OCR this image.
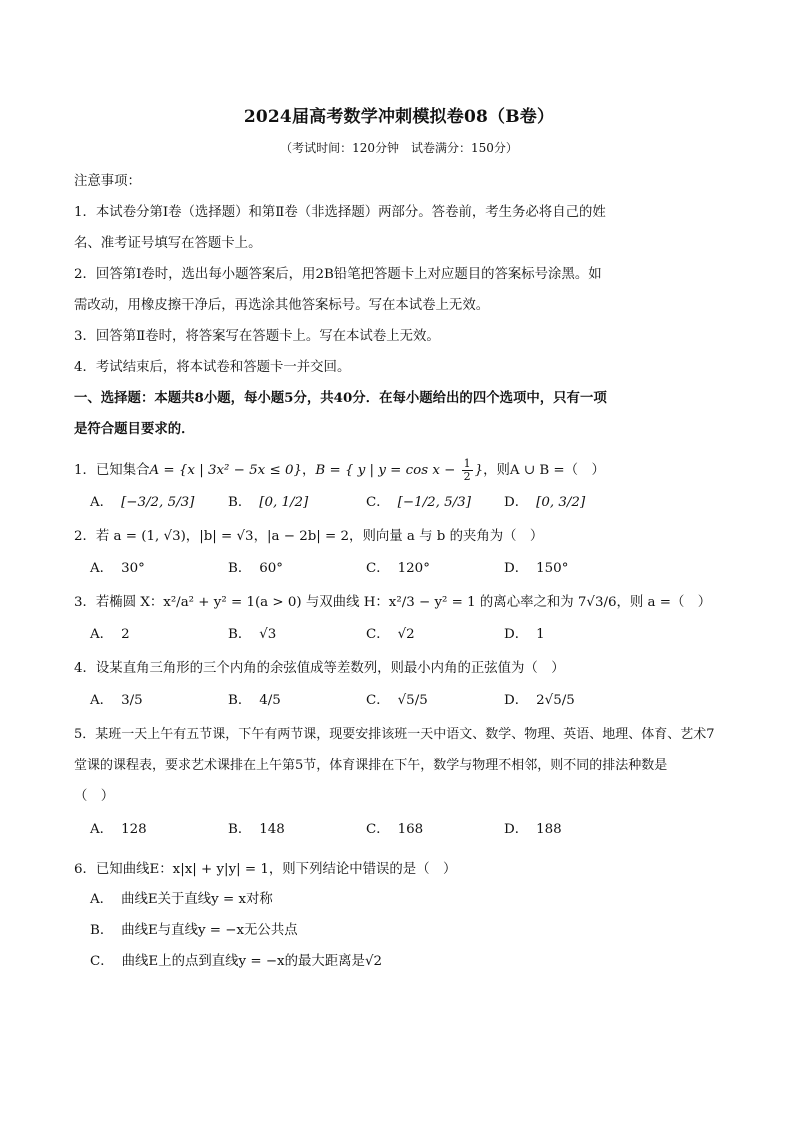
2024届高考数学冲刺模拟卷08（B卷）
（考试时间：120分钟　试卷满分：150分）

注意事项：

1．本试卷分第Ⅰ卷（选择题）和第Ⅱ卷（非选择题）两部分。答卷前，考生务必将自己的姓

名、准考证号填写在答题卡上。

2．回答第Ⅰ卷时，选出每小题答案后，用2B铅笔把答题卡上对应题目的答案标号涂黑。如

需改动，用橡皮擦干净后，再选涂其他答案标号。写在本试卷上无效。

3．回答第Ⅱ卷时，将答案写在答题卡上。写在本试卷上无效。

4．考试结束后，将本试卷和答题卡一并交回。

一、选择题：本题共8小题，每小题5分，共40分．在每小题给出的四个选项中，只有一项

是符合题目要求的．

1．已知集合A = {x | 3x² − 5x ≤ 0}，B = { y | $y = \cos x - \frac{1}{2}$ }，则A ∪ B =（　）
A． [−3/2, 5/3]	B． [0, 1/2]	C． [−1/2, 5/3] D． [0, 3/2]
2．若 a = (1, √3)，|b| = √3，|a − 2b| = 2，则向量 a 与 b 的夹角为（　）
A． 30°	B． 60°	C． 120°	D． 150°
3．若椭圆 X：x²/a² + y² = 1(a > 0) 与双曲线 H：x²/3 − y² = 1 的离心率之和为 7√3/6，则 a =（　）
A． 2	B． √3	C． √2	D． 1
4．设某直角三角形的三个内角的余弦值成等差数列，则最小内角的正弦值为（　）
A． 3/5	B． 4/5	C． √5/5	D． 2√5/5

5．某班一天上午有五节课，下午有两节课，现要安排该班一天中语文、数学、物理、英语、地理、体育、艺术7

堂课的课程表，要求艺术课排在上午第5节，体育课排在下午，数学与物理不相邻，则不同的排法种数是

（　）

A． 128	B． 148	C． 168	D． 188
6．已知曲线E：x|x| + y|y| = 1，则下列结论中错误的是（　）
A． 曲线E关于直线y = x对称
B． 曲线E与直线y = −x无公共点
C． 曲线E上的点到直线y = −x的最大距离是√2
